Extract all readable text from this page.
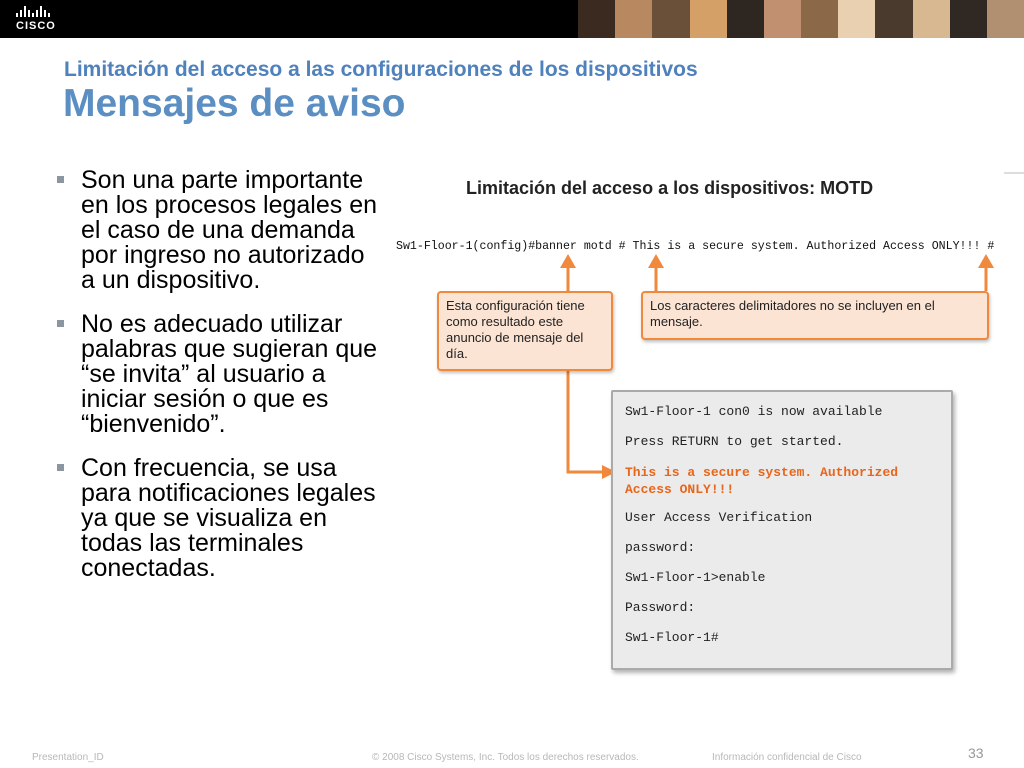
CISCO
Limitación del acceso a las configuraciones de los dispositivos
Mensajes de aviso
Son una parte importante en los procesos legales en el caso de una demanda por ingreso no autorizado a un dispositivo.
No es adecuado utilizar palabras que sugieran que “se invita” al usuario a iniciar sesión o que es “bienvenido”.
Con frecuencia, se usa para notificaciones legales ya que se visualiza en todas las terminales conectadas.
Limitación del acceso a los dispositivos: MOTD
Sw1-Floor-1(config)#banner motd # This is a secure system. Authorized Access ONLY!!! #
Esta configuración tiene como resultado este anuncio de mensaje del día.
Los caracteres delimitadores no se incluyen en el mensaje.
Sw1-Floor-1 con0 is now available
Press RETURN to get started.
This is a secure system. Authorized Access ONLY!!!
User Access Verification
password:
Sw1-Floor-1>enable
Password:
Sw1-Floor-1#
Presentation_ID	© 2008 Cisco Systems, Inc. Todos los derechos reservados.	Información confidencial de Cisco	33
